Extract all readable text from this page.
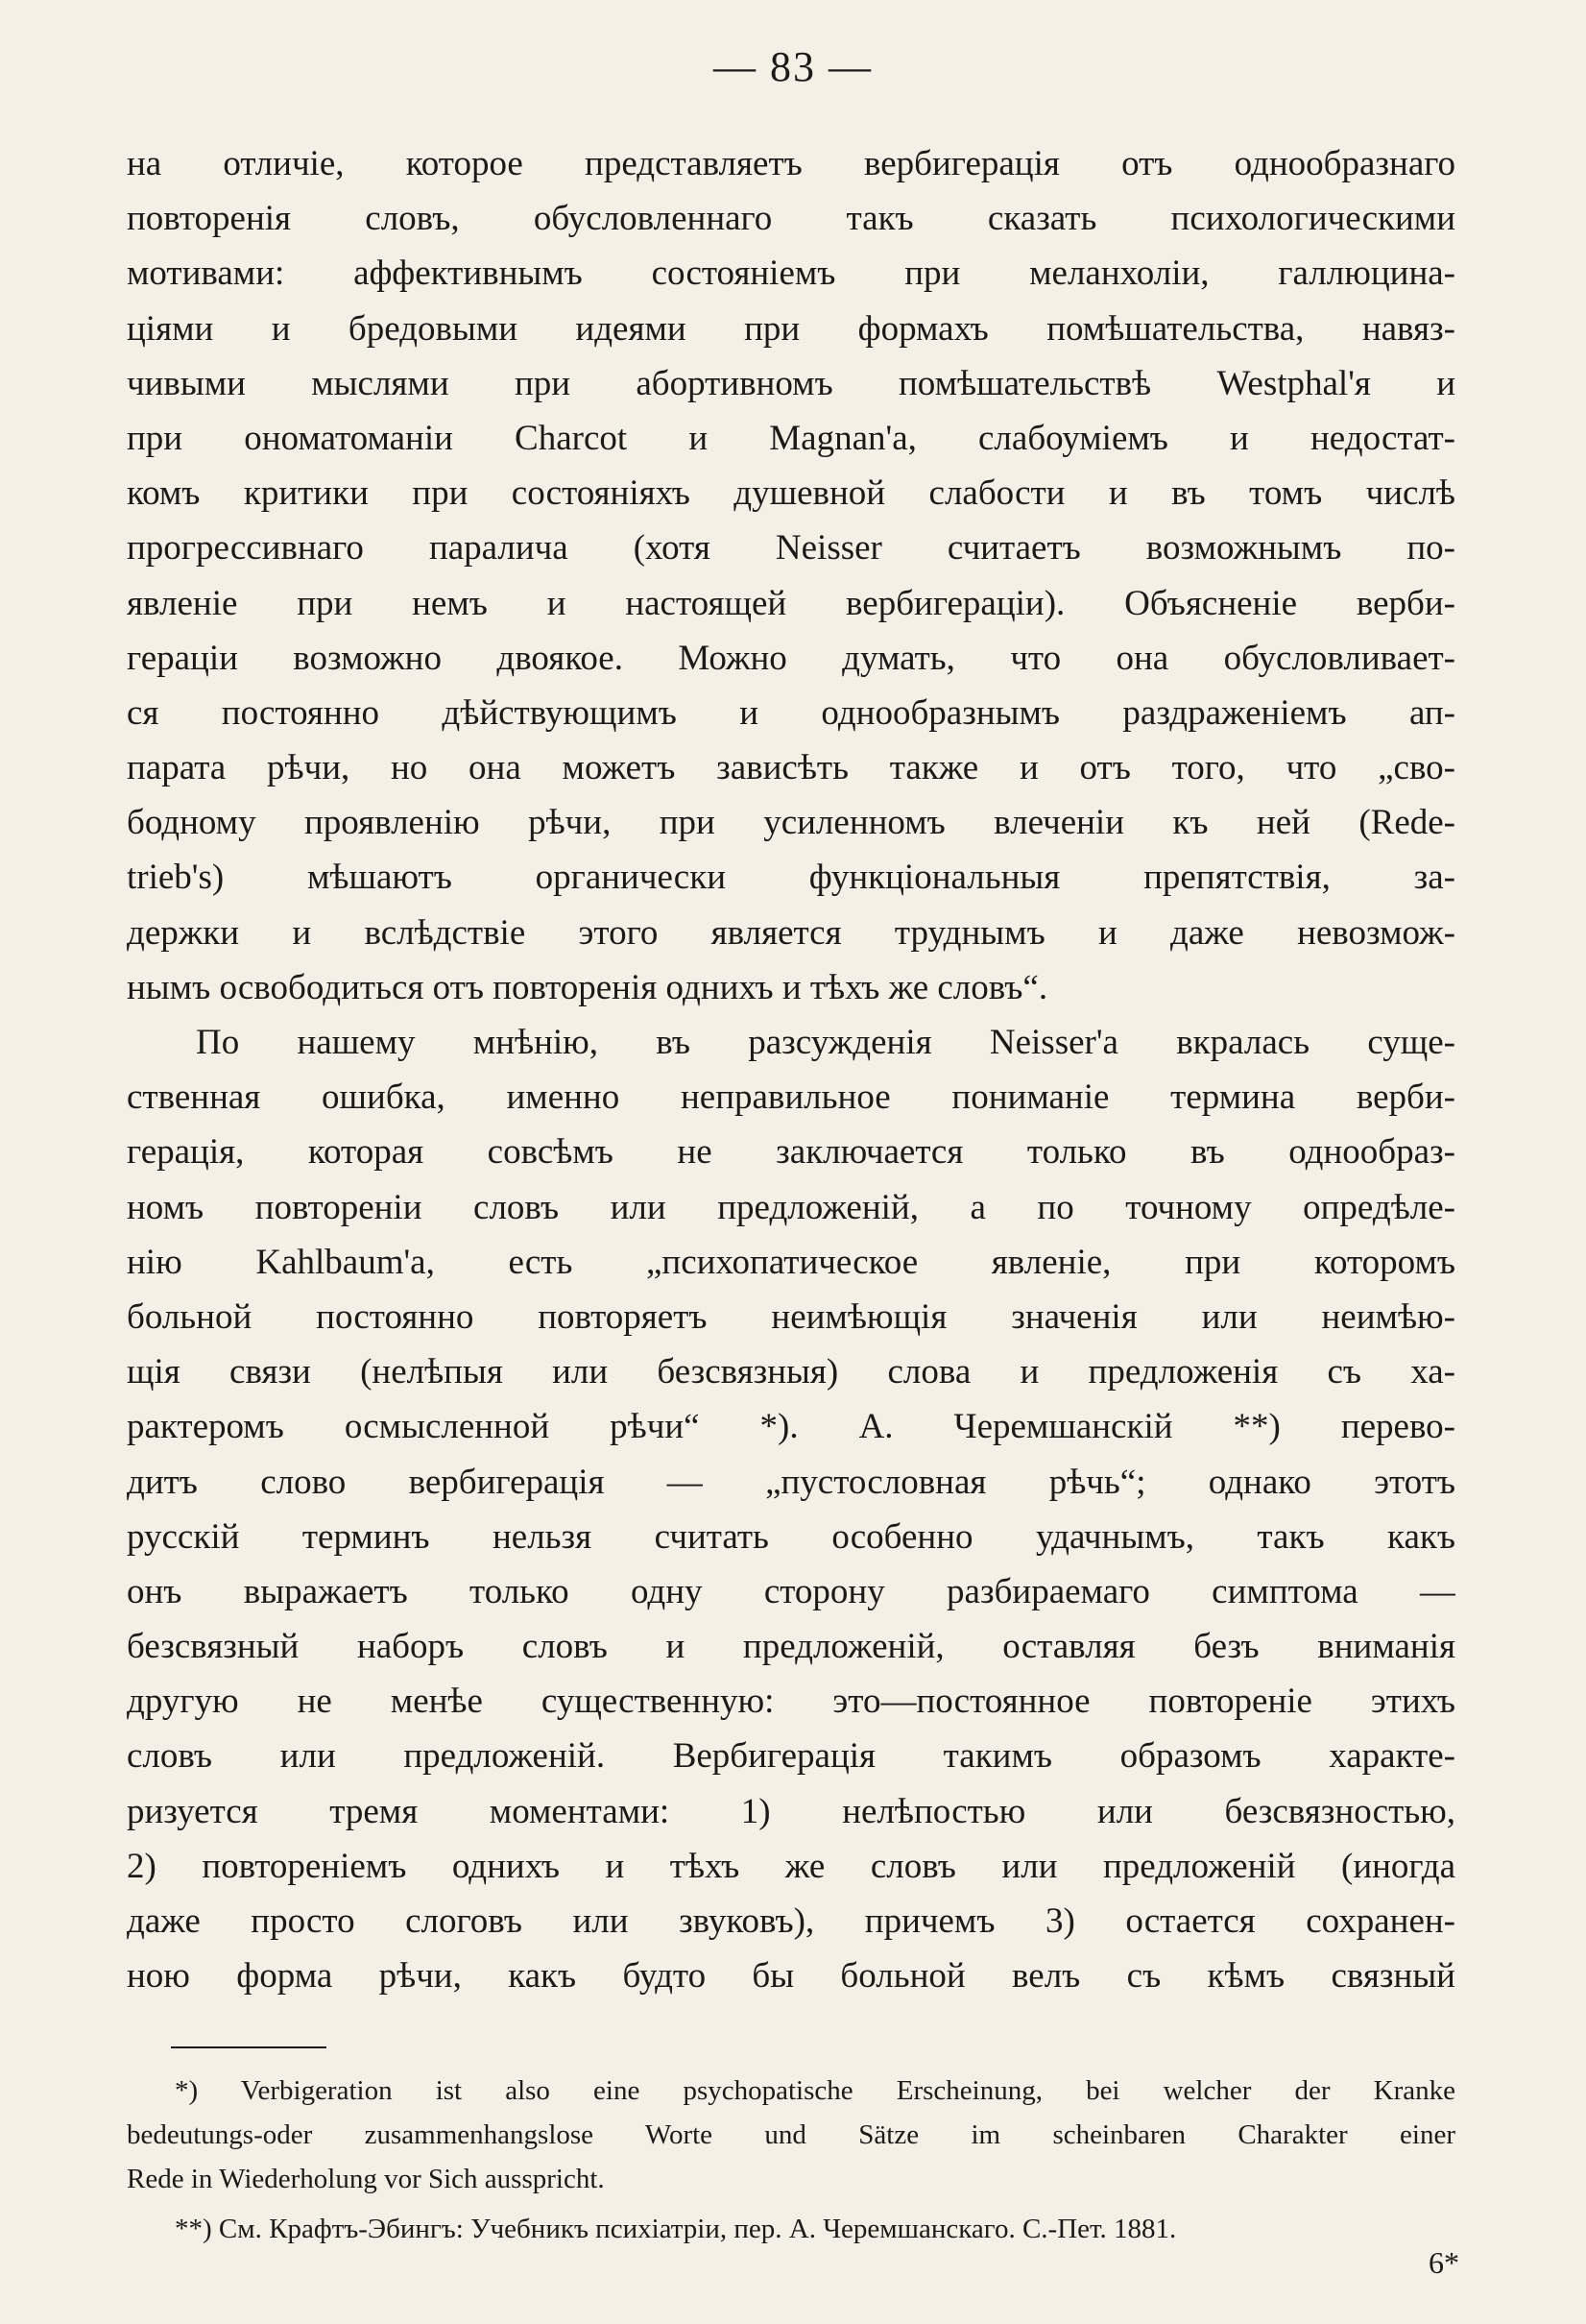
— 83 —
на отличіе, которое представляетъ вербигерація отъ однообразнаго
повторенія словъ, обусловленнаго такъ сказать психологическими
мотивами: аффективнымъ состояніемъ при меланхоліи, галлюцина-
ціями и бредовыми идеями при формахъ помѣшательства, навяз-
чивыми мыслями при абортивномъ помѣшательствѣ Westphal'я и
при ономатоманіи Charcot и Magnan'а, слабоуміемъ и недостат-
комъ критики при состояніяхъ душевной слабости и въ томъ числѣ
прогрессивнаго паралича (хотя Neisser считаетъ возможнымъ по-
явленіе при немъ и настоящей вербигераціи). Объясненіе верби-
гераціи возможно двоякое. Можно думать, что она обусловливает-
ся постоянно дѣйствующимъ и однообразнымъ раздраженіемъ ап-
парата рѣчи, но она можетъ зависѣть также и отъ того, что „сво-
бодному проявленію рѣчи, при усиленномъ влеченіи къ ней (Rede-
trieb's) мѣшаютъ органически функціональныя препятствія, за-
держки и вслѣдствіе этого является труднымъ и даже невозмож-
нымъ освободиться отъ повторенія однихъ и тѣхъ же словъ“.
По нашему мнѣнію, въ разсужденія Neisser'а вкралась суще-
ственная ошибка, именно неправильное пониманіе термина верби-
герація, которая совсѣмъ не заключается только въ однообраз-
номъ повтореніи словъ или предложеній, а по точному опредѣле-
нію Kahlbaum'а, есть „психопатическое явленіе, при которомъ
больной постоянно повторяетъ неимѣющія значенія или неимѣю-
щія связи (нелѣпыя или безсвязныя) слова и предложенія съ ха-
рактеромъ осмысленной рѣчи“ *). А. Черемшанскій **) перево-
дитъ слово вербигерація — „пустословная рѣчь“; однако этотъ
русскій терминъ нельзя считать особенно удачнымъ, такъ какъ
онъ выражаетъ только одну сторону разбираемаго симптома —
безсвязный наборъ словъ и предложеній, оставляя безъ вниманія
другую не менѣе существенную: это—постоянное повтореніе этихъ
словъ или предложеній. Вербигерація такимъ образомъ характе-
ризуется тремя моментами: 1) нелѣпостью или безсвязностью,
2) повтореніемъ однихъ и тѣхъ же словъ или предложеній (иногда
даже просто слоговъ или звуковъ), причемъ 3) остается сохранен-
ною форма рѣчи, какъ будто бы больной велъ съ кѣмъ связный
*) Verbigeration ist also eine psychopatische Erscheinung, bei welcher der Kranke
bedeutungs-oder zusammenhangslose Worte und Sätze im scheinbaren Charakter einer
Rede in Wiederholung vor Sich ausspricht.
**) См. Крафтъ-Эбингъ: Учебникъ психіатріи, пер. А. Черемшанскаго. С.-Пет. 1881.
6*
